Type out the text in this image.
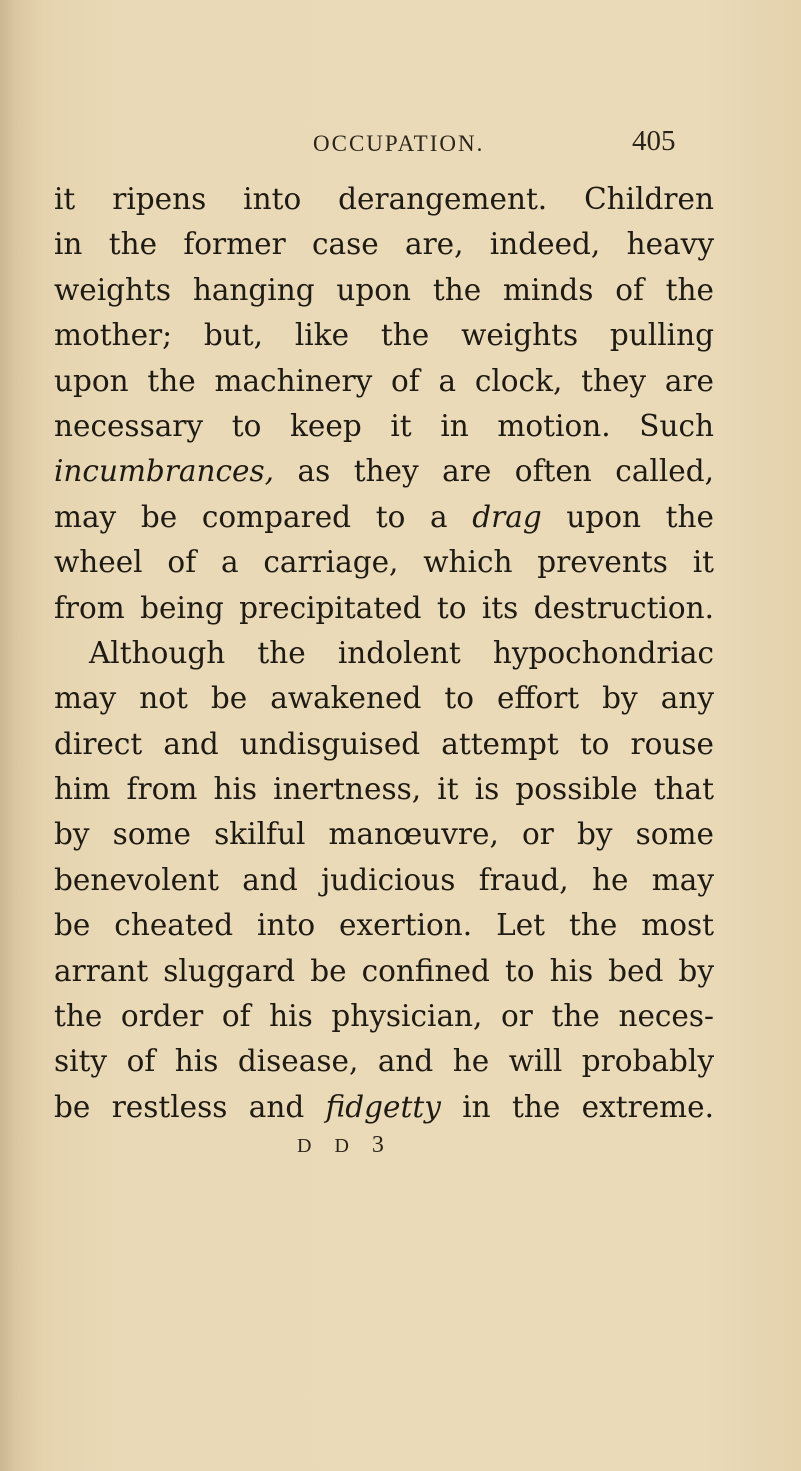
OCCUPATION.	405
it ripens into derangement. Children
in the former case are, indeed, heavy
weights hanging upon the minds of the
mother; but, like the weights pulling
upon the machinery of a clock, they are
necessary to keep it in motion. Such
incumbrances, as they are often called,
may be compared to a drag upon the
wheel of a carriage, which prevents it
from being precipitated to its destruction.
Although the indolent hypochondriac
may not be awakened to effort by any
direct and undisguised attempt to rouse
him from his inertness, it is possible that
by some skilful manœuvre, or by some
benevolent and judicious fraud, he may
be cheated into exertion. Let the most
arrant sluggard be confined to his bed by
the order of his physician, or the neces-
sity of his disease, and he will probably
be restless and fidgetty in the extreme.
D D 3
